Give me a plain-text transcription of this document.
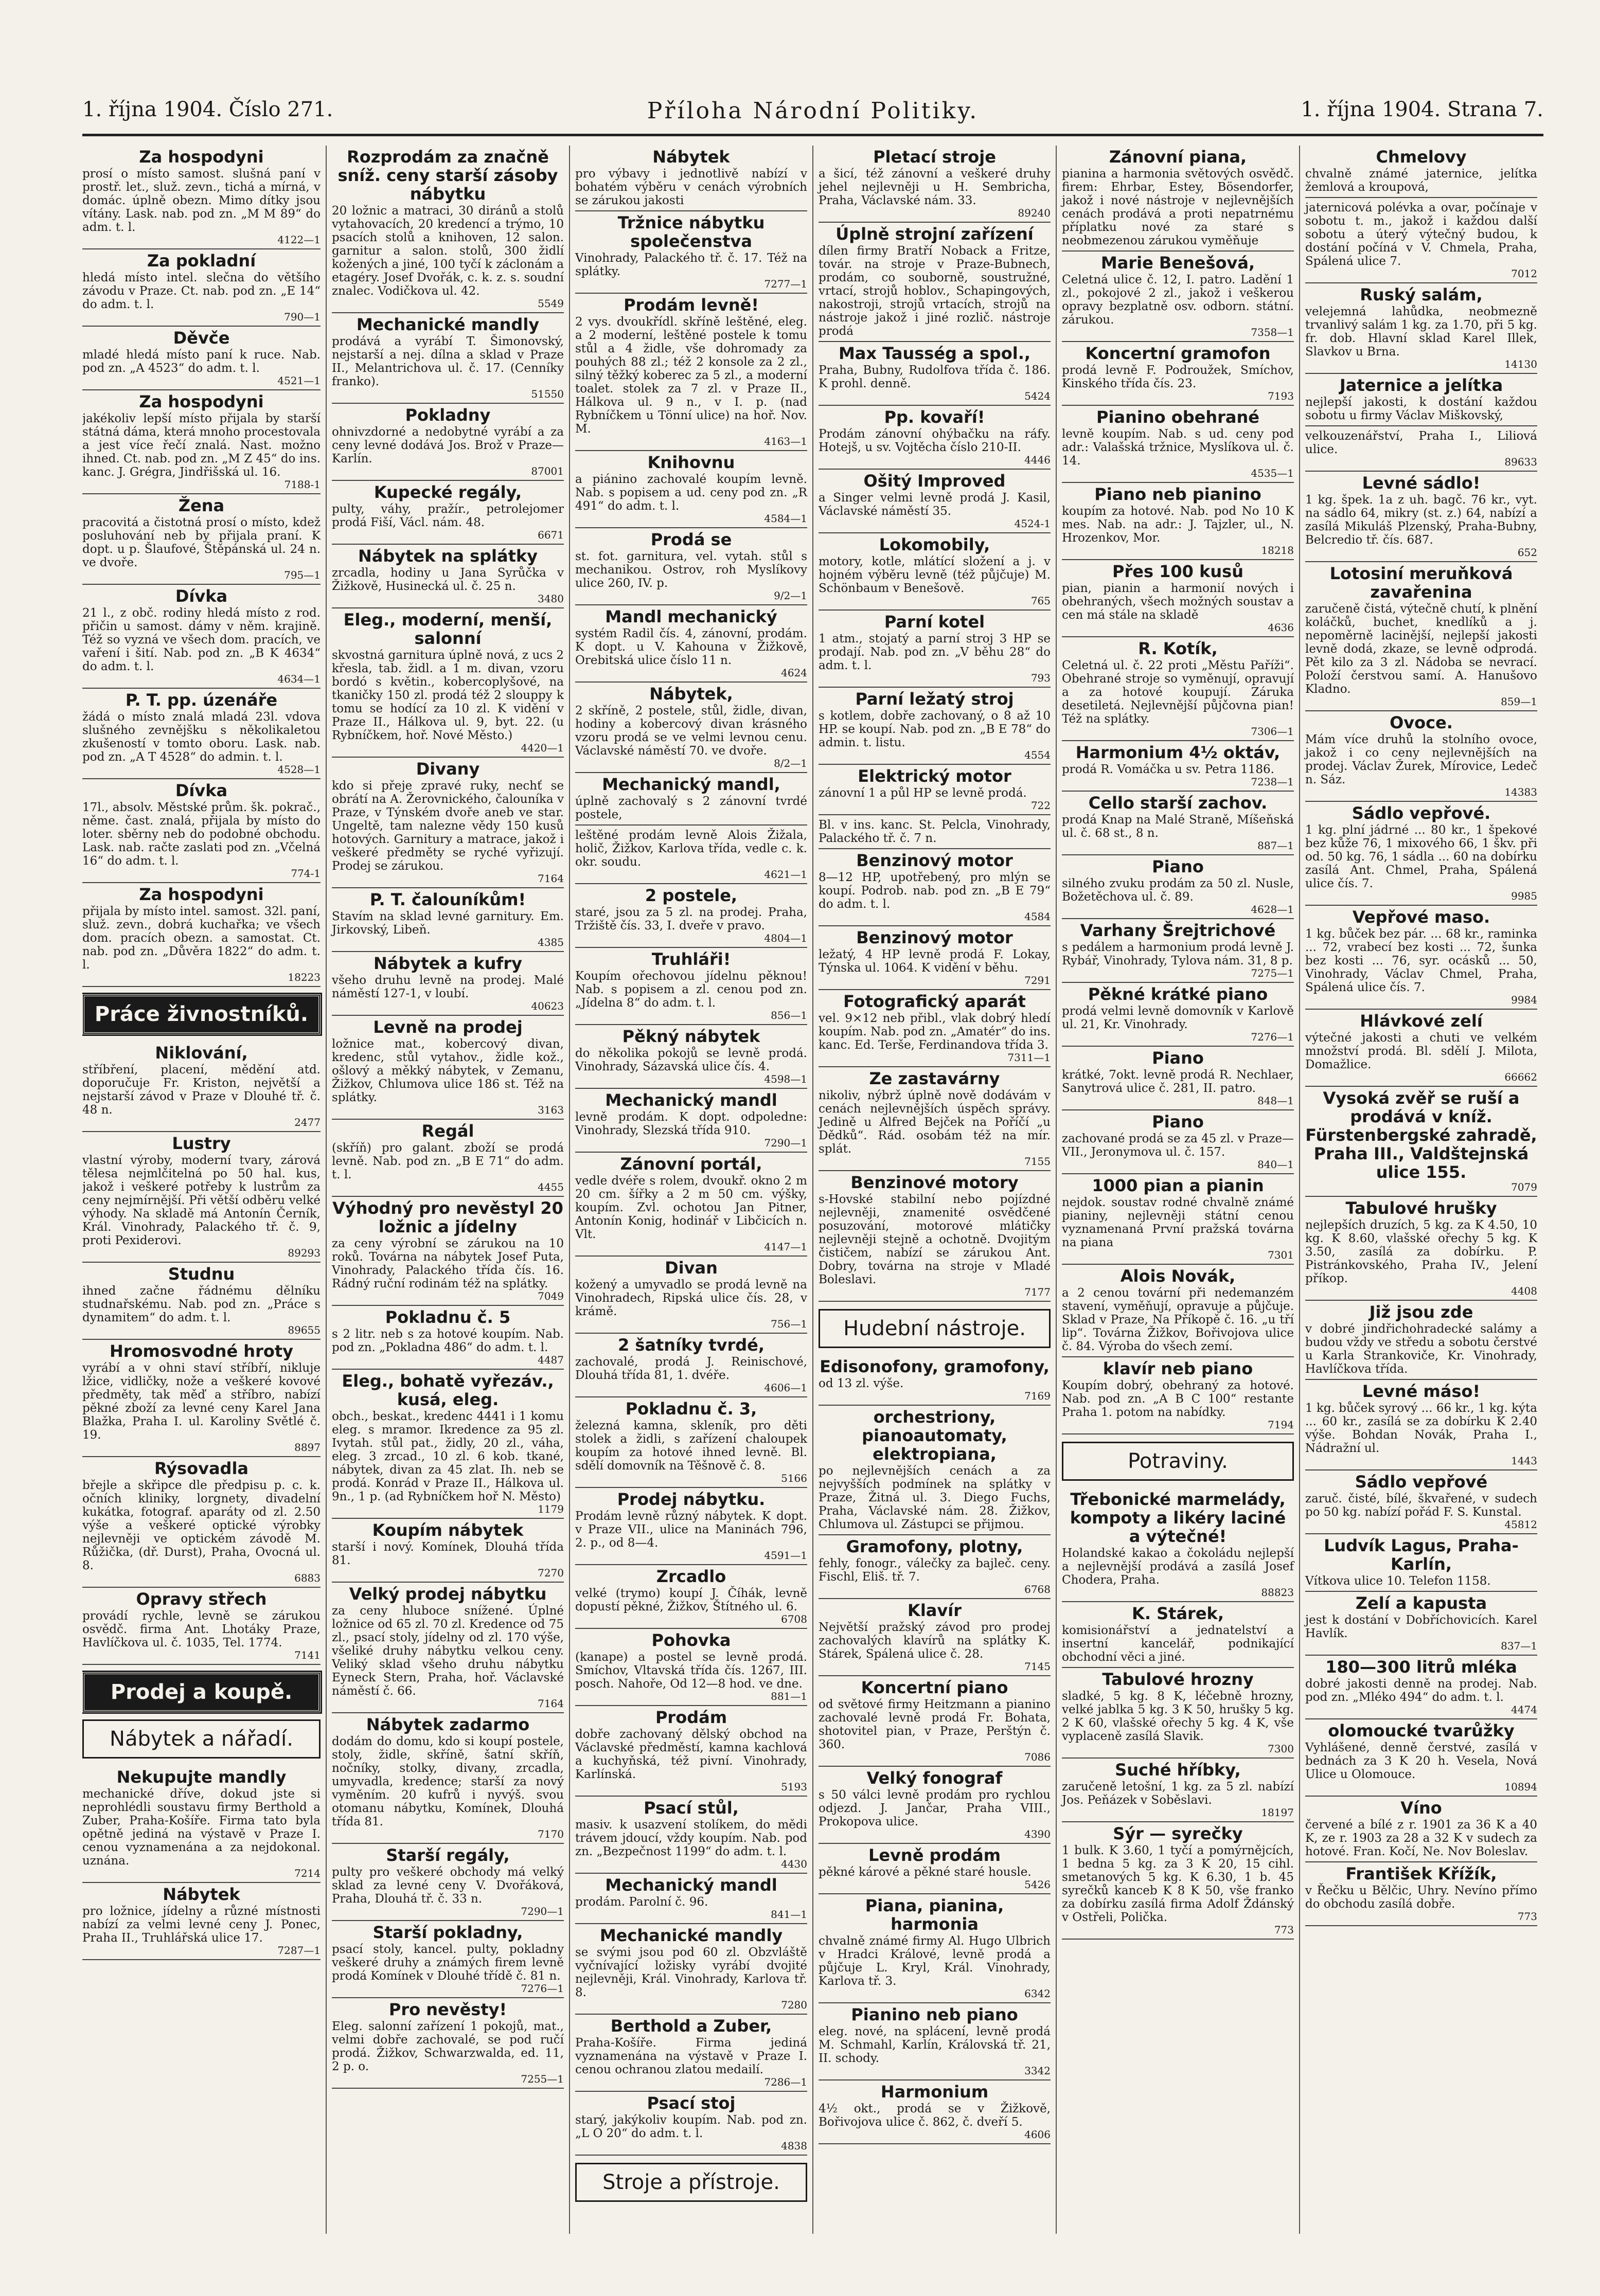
1. října 1904. Číslo 271.	Příloha Národní Politiky.	1. října 1904. Strana 7.
Za hospodyni

prosí o místo samost. slušná paní v prostř. let., služ. zevn., tichá a mírná, v domác. úplně obezn. Mimo dítky jsou vítány. Lask. nab. pod zn. „M M 89“ do adm. t. l.

4122—1
Za pokladní

hledá místo intel. slečna do většího závodu v Praze. Ct. nab. pod zn. „E 14“ do adm. t. l.

790—1
Děvče

mladé hledá místo paní k ruce. Nab. pod zn. „A 4523“ do adm. t. l.

4521—1
Za hospodyni

jakékoliv lepší místo přijala by starší státná dáma, která mnoho procestovala a jest více řečí znalá. Nast. možno ihned. Ct. nab. pod zn. „M Z 45“ do ins. kanc. J. Grégra, Jindřišská ul. 16.

7188-1
Žena

pracovitá a čistotná prosí o místo, kdež posluhování neb by přijala praní. K dopt. u p. Šlaufové, Štěpánská ul. 24 n. ve dvoře.

795—1
Dívka

21 l., z obč. rodiny hledá místo z rod. přičin u samost. dámy v něm. krajině. Též so vyzná ve všech dom. pracích, ve vaření i šití. Nab. pod zn. „B K 4634“ do adm. t. l.

4634—1
P. T. pp. úzenáře

žádá o místo znalá mladá 23l. vdova slušného zevnějšku s několikaletou zkušeností v tomto oboru. Lask. nab. pod zn. „A T 4528“ do admin. t. l.

4528—1
Dívka

17l., absolv. Městské prům. šk. pokrač., něme. čast. znalá, přijala by místo do loter. sběrny neb do podobné obchodu. Lask. nab. račte zaslati pod zn. „Včelná 16“ do adm. t. l.

774-1
Za hospodyni

přijala by místo intel. samost. 32l. paní, služ. zevn., dobrá kuchařka; ve všech dom. pracích obezn. a samostat. Ct. nab. pod zn. „Důvěra 1822“ do adm. t. l.

18223
Práce živnostníků.
Niklování,

stříbření, placení, mědění atd. doporučuje Fr. Kriston, největší a nejstarší závod v Praze v Dlouhé tř. č. 48 n.

2477
Lustry

vlastní výroby, moderní tvary, zárová tělesa nejmlčitelná po 50 hal. kus, jakož i veškeré potřeby k lustrům za ceny nejmírnější. Při větší odběru velké výhody. Na skladě má Antonín Černík, Král. Vinohrady, Palackého tř. č. 9, proti Pexiderovi.

89293
Studnu

ihned začne řádnému dělníku studnařskému. Nab. pod zn. „Práce s dynamitem“ do adm. t. l.

89655
Hromosvodné hroty

vyrábí a v ohni staví stříbří, nikluje lžice, vidličky, nože a veškeré kovové předměty, tak měď a stříbro, nabízí pěkné zboží za levné ceny Karel Jana Blažka, Praha I. ul. Karoliny Světlé č. 19.

8897
Rýsovadla

břejle a skřipce dle předpisu p. c. k. očních kliniky, lorgnety, divadelní kukátka, fotograf. aparáty od zl. 2.50 výše a veškeré optické výrobky nejlevněji ve optickém závodě M. Růžička, (dř. Durst), Praha, Ovocná ul. 8.

6883
Opravy střech

provádí rychle, levně se zárukou osvědč. firma Ant. Lhotáky Praze, Havlíčkova ul. č. 1035, Tel. 1774.

7141
Prodej a koupě.
Nábytek a nářadí.
Nekupujte mandly

mechanické dříve, dokud jste si neprohlédli soustavu firmy Berthold a Zuber, Praha-Košíře. Firma tato byla opětně jediná na výstavě v Praze I. cenou vyznamenána a za nejdokonal. uznána.

7214
Nábytek

pro ložnice, jídelny a různé místnosti nabízí za velmi levné ceny J. Ponec, Praha II., Truhlářská ulice 17.

7287—1
Rozprodám za značně sníž. ceny starší zásoby nábytku

20 ložnic a matraci, 30 diránů a stolů vytahovacích, 20 kredencí a trýmo, 10 psacích stolů a knihoven, 12 salon. garnitur a salon. stolů, 300 židlí kožených a jiné, 100 tyčí k záclonám a etagéry. Josef Dvořák, c. k. z. s. soudní znalec. Vodičkova ul. 42.

5549
Mechanické mandly

prodává a vyrábí T. Šimonovský, nejstarší a nej. dílna a sklad v Praze II., Melantrichova ul. č. 17. (Cenníky franko).

51550
Pokladny

ohnivzdorné a nedobytné vyrábí a za ceny levné dodává Jos. Brož v Praze—Karlín.

87001
Kupecké regály,

pulty, váhy, pražír., petrolejomer prodá Fiší, Václ. nám. 48.

6671
Nábytek na splátky

zrcadla, hodiny u Jana Syrůčka v Žižkově, Husinecká ul. č. 25 n.

3480
Eleg., moderní, menší, salonní

skvostná garnitura úplně nová, z ucs 2 křesla, tab. židl. a 1 m. divan, vzoru bordó s květin., kobercoplyšové, na tkaničky 150 zl. prodá též 2 slouppy k tomu se hodící za 10 zl. K vidění v Praze II., Hálkova ul. 9, byt. 22. (u Rybníčkem, hoř. Nové Město.)

4420—1
Divany

kdo si přeje zpravé ruky, nechť se obrátí na A. Žerovnického, čalouníka v Praze, v Týnském dvoře aneb ve star. Ungeltě, tam nalezne vědy 150 kusů hotových. Garnitury a matrace, jakož i veškeré předměty se ryché vyřizují. Prodej se zárukou.

7164
P. T. čalouníkům!

Stavím na sklad levné garnitury. Em. Jirkovský, Libeň.

4385
Nábytek a kufry

všeho druhu levně na prodej. Malé náměstí 127-1, v loubí.

40623
Levně na prodej

ložnice mat., kobercový divan, kredenc, stůl vytahov., židle kož., ošlový a měkký nábytek, v Zemanu, Žižkov, Chlumova ulice 186 st. Též na splátky.

3163
Regál

(skříň) pro galant. zboží se prodá levně. Nab. pod zn. „B E 71“ do adm. t. l.

4455
Výhodný pro nevěstyl 20 ložnic a jídelny

za ceny výrobní se zárukou na 10 roků. Továrna na nábytek Josef Puta, Vinohrady, Palackého třída čís. 16. Rádný ruční rodinám též na splátky.

7049
Pokladnu č. 5

s 2 litr. neb s za hotové koupím. Nab. pod zn. „Pokladna 486“ do adm. t. l.

4487
Eleg., bohatě vyřezáv., kusá, eleg.

obch., beskat., kredenc 4441 i 1 komu eleg. s mramor. Ikredence za 95 zl. Ivytah. stůl pat., židly, 20 zl., váha, eleg. 3 zrcad., 10 zl. 6 kob. tkané, nábytek, divan za 45 zlat. Ih. neb se prodá. Konrád v Praze II., Hálkova ul. 9n., 1 p. (ad Rybníčkem hoř N. Město)

1179
Koupím nábytek

starší i nový. Komínek, Dlouhá třída 81.

7270
Velký prodej nábytku

za ceny hluboce snížené. Úplné ložnice od 65 zl. 70 zl. Kredence od 75 zl., psací stoly, jídelny od zl. 170 výše, všeliké druhy nábytku velkou ceny. Veliký sklad všeho druhu nábytku Eyneck Stern, Praha, hoř. Václavské náměstí č. 66.

7164
Nábytek zadarmo

dodám do domu, kdo si koupí postele, stoly, židle, skříně, šatní skříň, nočníky, stolky, divany, zrcadla, umyvadla, kredence; starší za nový vyměním. 20 kufrů i nyvýš. svou otomanu nábytku, Komínek, Dlouhá třída 81.

7170
Starší regály,

pulty pro veškeré obchody má velký sklad za levné ceny V. Dvořáková, Praha, Dlouhá tř. č. 33 n.

7290—1
Starší pokladny,

psací stoly, kancel. pulty, pokladny veškeré druhy a známých firem levně prodá Komínek v Dlouhé třídě č. 81 n.

7276—1
Pro nevěsty!

Eleg. salonní zařízení 1 pokojů, mat., velmi dobře zachovalé, se pod ručí prodá. Žižkov, Schwarzwalda, ed. 11, 2 p. o.

7255—1
Nábytek

pro výbavy i jednotlivě nabízí v bohatém výběru v cenách výrobních se zárukou jakosti

Tržnice nábytku společenstva

Vinohrady, Palackého tř. č. 17. Též na splátky.

7277—1
Prodám levně!

2 vys. dvoukřídl. skříně leštěné, eleg. a 2 moderní, leštěné postele k tomu stůl a 4 židle, vše dohromady za pouhých 88 zl.; též 2 konsole za 2 zl., silný těžký koberec za 5 zl., a moderní toalet. stolek za 7 zl. v Praze II., Hálkova ul. 9 n., v I. p. (nad Rybníčkem u Tönní ulice) na hoř. Nov. M.

4163—1
Knihovnu

a piánino zachovalé koupím levně. Nab. s popisem a ud. ceny pod zn. „R 491“ do adm. t. l.

4584—1
Prodá se

st. fot. garnitura, vel. vytah. stůl s mechanikou. Ostrov, roh Myslíkovy ulice 260, IV. p.

9/2—1
Mandl mechanický

systém Radil čís. 4, zánovní, prodám. K dopt. u V. Kahouna v Žižkově, Orebitská ulice číslo 11 n.

4624
Nábytek,

2 skříně, 2 postele, stůl, židle, divan, hodiny a kobercový divan krásného vzoru prodá se ve velmi levnou cenu. Václavské náměstí 70. ve dvoře.

8/2—1
Mechanický mandl,

úplně zachovalý s 2 zánovní tvrdé postele,

leštěné prodám levně Alois Žižala, holič, Žižkov, Karlova třída, vedle c. k. okr. soudu.

4621—1
2 postele,

staré, jsou za 5 zl. na prodej. Praha, Tržiště čís. 33, I. dveře v pravo.

4804—1
Truhláři!

Koupím ořechovou jídelnu pěknou! Nab. s popisem a zl. cenou pod zn. „Jídelna 8“ do adm. t. l.

856—1
Pěkný nábytek

do několika pokojů se levně prodá. Vinohrady, Sázavská ulice čís. 4.

4598—1
Mechanický mandl

levně prodám. K dopt. odpoledne: Vinohrady, Slezská třída 910.

7290—1
Zánovní portál,

vedle dvéře s rolem, dvoukř. okno 2 m 20 cm. šířky a 2 m 50 cm. výšky, koupím. Zvl. ochotou Jan Pitner, Antonín Konig, hodinář v Libčicích n. Vlt.

4147—1
Divan

kožený a umyvadlo se prodá levně na Vinohradech, Ripská ulice čís. 28, v krámě.

756—1
2 šatníky tvrdé,

zachovalé, prodá J. Reinischové, Dlouhá třída 81, 1. dvéře.

4606—1
Pokladnu č. 3,

železná kamna, skleník, pro děti stolek a židli, s zařízení chaloupek koupím za hotové ihned levně. Bl. sdělí domovník na Těšnově č. 8.

5166
Prodej nábytku.

Prodám levně různý nábytek. K dopt. v Praze VII., ulice na Maninách 796, 2. p., od 8—4.

4591—1
Zrcadlo

velké (trymo) koupí J. Číhák, levně dopustí pěkné, Žižkov, Štítného ul. 6.

6708
Pohovka

(kanape) a postel se levně prodá. Smíchov, Vltavská třída čís. 1267, III. posch. Nahoře, Od 12—8 hod. ve dne.

881—1
Prodám

dobře zachovaný dělský obchod na Václavské předměstí, kamna kachlová a kuchyňská, též pivní. Vinohrady, Karlínská.

5193
Psací stůl,

masiv. k usazvení stolíkem, do mědi trávem jdoucí, vždy koupím. Nab. pod zn. „Bezpečnost 1199“ do adm. t. l.

4430
Mechanický mandl

prodám. Parolní č. 96.

841—1
Mechanické mandly

se svými jsou pod 60 zl. Obzvláště vyčnívající ložisky vyrábí dvojité nejlevněji, Král. Vinohrady, Karlova tř. 8.

7280
Berthold a Zuber,

Praha-Košíře. Firma jediná vyznamenána na výstavě v Praze I. cenou ochranou zlatou medailí.

7286—1
Psací stoj

starý, jakýkoliv koupím. Nab. pod zn. „L O 20“ do adm. t. l.

4838
Stroje a přístroje.
Pletací stroje

a šicí, též zánovní a veškeré druhy jehel nejlevněji u H. Sembricha, Praha, Václavské nám. 33.

89240
Úplně strojní zařízení

dílen firmy Bratří Noback a Fritze, továr. na stroje v Praze-Bubnech, prodám, co souborně, soustružné, vrtací, strojů hoblov., Schapingových, nakostroji, strojů vrtacích, strojů na nástroje jakož i jiné rozlič. nástroje prodá

Max Tausség a spol.,

Praha, Bubny, Rudolfova třída č. 186. K prohl. denně.

5424
Pp. kovaří!

Prodám zánovní ohýbačku na ráfy. Hotejš, u sv. Vojtěcha číslo 210-II.

4446
Ošitý Improved

a Singer velmi levně prodá J. Kasil, Václavské náměstí 35.

4524-1
Lokomobily,

motory, kotle, mlátící složení a j. v hojném výběru levně (též půjčuje) M. Schönbaum v Benešově.

765
Parní kotel

1 atm., stojatý a parní stroj 3 HP se prodají. Nab. pod zn. „V běhu 28“ do adm. t. l.

793
Parní ležatý stroj

s kotlem, dobře zachovaný, o 8 až 10 HP. se koupí. Nab. pod zn. „B E 78“ do admin. t. listu.

4554
Elektrický motor

zánovní 1 a půl HP se levně prodá.

722

Bl. v ins. kanc. St. Pelcla, Vinohrady, Palackého tř. č. 7 n.

Benzinový motor

8—12 HP, upotřebený, pro mlýn se koupí. Podrob. nab. pod zn. „B E 79“ do adm. t. l.

4584
Benzinový motor

ležatý, 4 HP levně prodá F. Lokay, Týnska ul. 1064. K vidění v běhu.

7291
Fotografický aparát

vel. 9×12 neb přibl., vlak dobrý hledí koupím. Nab. pod zn. „Amatér“ do ins. kanc. Ed. Terše, Ferdinandova třída 3.

7311—1
Ze zastavárny

nikoliv, nýbrž úplně nově dodávám v cenách nejlevnějších úspěch správy. Jedině u Alfred Bejček na Poříčí „u Dědků“. Rád. osobám též na mír. splát.

7155
Benzinové motory

s-Hovské stabilní nebo pojízdné nejlevněji, znamenité osvědčené posuzování, motorové mlátičky nejlevněji stejně a ochotně. Dvojitým čističem, nabízí se zárukou Ant. Dobry, továrna na stroje v Mladé Boleslavi.

7177
Hudební nástroje.
Edisonofony, gramofony,

od 13 zl. výše.

7169
orchestriony, pianoautomaty, elektropiana,

po nejlevnějších cenách a za nejvyšších podmínek na splátky v Praze, Žitná ul. 3. Diego Fuchs, Praha, Václavské nám. 28. Žižkov, Chlumova ul. Zástupci se přijmou.

Gramofony, plotny,

fehly, fonogr., válečky za bajleč. ceny. Fischl, Eliš. tř. 7.

6768
Klavír

Největší pražský závod pro prodej zachovalých klavírů na splátky K. Stárek, Spálená ulice č. 28.

7145
Koncertní piano

od světové firmy Heitzmann a pianino zachovalé levně prodá Fr. Bohata, shotovitel pian, v Praze, Perštýn č. 360.

7086
Velký fonograf

s 50 válci levně prodám pro rychlou odjezd. J. Jančar, Praha VIII., Prokopova ulice.

4390
Levně prodám

pěkné kárové a pěkné staré housle.

5426
Piana, pianina, harmonia

chvalně známé firmy Al. Hugo Ulbrich v Hradci Králové, levně prodá a půjčuje L. Kryl, Král. Vinohrady, Karlova tř. 3.

6342
Pianino neb piano

eleg. nové, na splácení, levně prodá M. Schmahl, Karlín, Královská tř. 21, II. schody.

3342
Harmonium

4½ okt., prodá se v Žižkově, Bořivojova ulice č. 862, č. dveří 5.

4606
Zánovní piana,

pianina a harmonia světových osvědč. firem: Ehrbar, Estey, Bösendorfer, jakož i nové nástroje v nejlevnějších cenách prodává a proti nepatrnému příplatku nové za staré s neobmezenou zárukou vyměňuje

Marie Benešová,

Celetná ulice č. 12, I. patro. Ladění 1 zl., pokojové 2 zl., jakož i veškerou opravy bezplatně osv. odborn. státní. zárukou.

7358—1
Koncertní gramofon

prodá levně F. Podroužek, Smíchov, Kinského třída čís. 23.

7193
Pianino obehrané

levně koupím. Nab. s ud. ceny pod adr.: Valašská tržnice, Myslíkova ul. č. 14.

4535—1
Piano neb pianino

koupím za hotové. Nab. pod No 10 K mes. Nab. na adr.: J. Tajzler, ul., N. Hrozenkov, Mor.

18218
Přes 100 kusů

pian, pianin a harmonií nových i obehraných, všech možných soustav a cen má stále na skladě

4636
R. Kotík,

Celetná ul. č. 22 proti „Městu Paříži“. Obehrané stroje so vyměnují, opravují a za hotové koupují. Záruka desetiletá. Nejlevnější půjčovna pian! Též na splátky.

7306—1
Harmonium 4½ oktáv,

prodá R. Vomáčka u sv. Petra 1186.

7238—1
Cello starší zachov.

prodá Knap na Malé Straně, Míšeňská ul. č. 68 st., 8 n.

887—1
Piano

silného zvuku prodám za 50 zl. Nusle, Božetěchova ul. č. 89.

4628—1
Varhany Šrejtrichové

s pedálem a harmonium prodá levně J. Rybář, Vinohrady, Tylova nám. 31, 8 p.

7275—1
Pěkné krátké piano

prodá velmi levně domovník v Karlově ul. 21, Kr. Vinohrady.

7276—1
Piano

krátké, 7okt. levně prodá R. Nechlaer, Sanytrová ulice č. 281, II. patro.

848—1
Piano

zachované prodá se za 45 zl. v Praze—VII., Jeronymova ul. č. 157.

840—1
1000 pian a pianin

nejdok. soustav rodné chvalně známé pianiny, nejlevněji státní cenou vyznamenaná První pražská továrna na piana

7301
Alois Novák,

a 2 cenou tovární při nedemanzém stavení, vyměňují, opravuje a půjčuje. Sklad v Praze, Na Příkopě č. 16. „u tří lip“. Továrna Žižkov, Bořivojova ulice č. 84. Výroba do všech zemí.

klavír neb piano

Koupím dobrý, obehraný za hotové. Nab. pod zn. „A B C 100“ restante Praha 1. potom na nabídky.

7194
Potraviny.
Třebonické marmelády, kompoty a likéry laciné a výtečné!

Holandské kakao a čokoládu nejlepší a nejlevnější prodává a zasílá Josef Chodera, Praha.

88823
K. Stárek,

komisionářství a jednatelství a insertní kancelář, podnikající obchodní věci a jiné.

Tabulové hrozny

sladké, 5 kg. 8 K, léčebně hrozny, velké jablka 5 kg. 3 K 50, hrušky 5 kg. 2 K 60, vlašské ořechy 5 kg. 4 K, vše vyplaceně zasílá Slavik.

7300
Suché hříbky,

zaručeně letošní, 1 kg. za 5 zl. nabízí Jos. Peňázek v Soběslavi.

18197
Sýr — syrečky

1 bulk. K 3.60, 1 tyčí a pomýrnějcích, 1 bedna 5 kg. za 3 K 20, 15 cihl. smetanových 5 kg. K 6.30, 1 b. 45 syrečků kanceb K 8 K 50, vše franko za dobírku zasílá firma Adolf Ždánský v Ostřeli, Polička.

773
Chmelovy

chvalně známé jaternice, jelítka žemlová a kroupová,

jaternicová polévka a ovar, počínaje v sobotu t. m., jakož i každou další sobotu a úterý výtečný budou, k dostání počíná v V. Chmela, Praha, Spálená ulice 7.

7012
Ruský salám,

velejemná lahůdka, neobmezně trvanlivý salám 1 kg. za 1.70, při 5 kg. fr. dob. Hlavní sklad Karel Illek, Slavkov u Brna.

14130
Jaternice a jelítka

nejlepší jakosti, k dostání každou sobotu u firmy Václav Miškovský,

velkouzenářství, Praha I., Liliová ulice.

89633
Levné sádlo!

1 kg. špek. 1a z uh. bagč. 76 kr., vyt. na sádlo 64, mikry (st. z.) 64, nabízí a zasílá Mikuláš Plzenský, Praha-Bubny, Belcredio tř. čís. 687.

652
Lotosiní meruňková zavařenina

zaručeně čistá, výtečně chutí, k plnění koláčků, buchet, knedlíků a j. nepoměrně lacinější, nejlepší jakosti levně dodá, zkaze, se levně odprodá. Pět kilo za 3 zl. Nádoba se nevrací. Položí čerstvou samí. A. Hanušovo Kladno.

859—1
Ovoce.

Mám více druhů la stolního ovoce, jakož i co ceny nejlevnějších na prodej. Václav Žurek, Mírovice, Ledeč n. Sáz.

14383
Sádlo vepřové.

1 kg. plní jádrné ... 80 kr., 1 špekové bez kůže 76, 1 mixového 66, 1 škv. při od. 50 kg. 76, 1 sádla ... 60 na dobírku zasílá Ant. Chmel, Praha, Spálená ulice čís. 7.

9985
Vepřové maso.

1 kg. bůček bez pár. ... 68 kr., raminka ... 72, vrabecí bez kosti ... 72, šunka bez kosti ... 76, syr. ocásků ... 50, Vinohrady, Václav Chmel, Praha, Spálená ulice čís. 7.

9984
Hlávkové zelí

výtečné jakosti a chuti ve velkém množství prodá. Bl. sdělí J. Milota, Domažlice.

66662
Vysoká zvěř se ruší a prodává v kníž. Fürstenbergské zahradě, Praha III., Valdštejnská ulice 155.
7079
Tabulové hrušky

nejlepších druzích, 5 kg. za K 4.50, 10 kg. K 8.60, vlašské ořechy 5 kg. K 3.50, zasílá za dobírku. P. Pistránkovského, Praha IV., Jelení příkop.

4408
Již jsou zde

v dobré jindřichohradecké salámy a budou vždy ve středu a sobotu čerstvé u Karla Strankoviče, Kr. Vinohrady, Havlíčkova třída.

Levné máso!

1 kg. bůček syrový ... 66 kr., 1 kg. kýta ... 60 kr., zasílá se za dobírku K 2.40 výše. Bohdan Novák, Praha I., Nádražní ul.

1443
Sádlo vepřové

zaruč. čisté, bílé, škvařené, v sudech po 50 kg. nabízí pořád F. S. Kunstal.

45812
Ludvík Lagus, Praha-Karlín,

Vítkova ulice 10. Telefon 1158.

Zelí a kapusta

jest k dostání v Dobříchovicích. Karel Havlík.

837—1
180—300 litrů mléka

dobré jakosti denně na prodej. Nab. pod zn. „Mléko 494“ do adm. t. l.

4474
olomoucké tvarůžky

Vyhlášené, denně čerstvé, zasílá v bednách za 3 K 20 h. Vesela, Nová Ulice u Olomouce.

10894
Víno

červené a bílé z r. 1901 za 36 K a 40 K, ze r. 1903 za 28 a 32 K v sudech za hotové. Fran. Kočí, Ne. Nov Boleslav.

František Křížík,

v Řečku u Bělčic, Uhry. Nevíno přímo do obchodu zasílá dobře.

773
